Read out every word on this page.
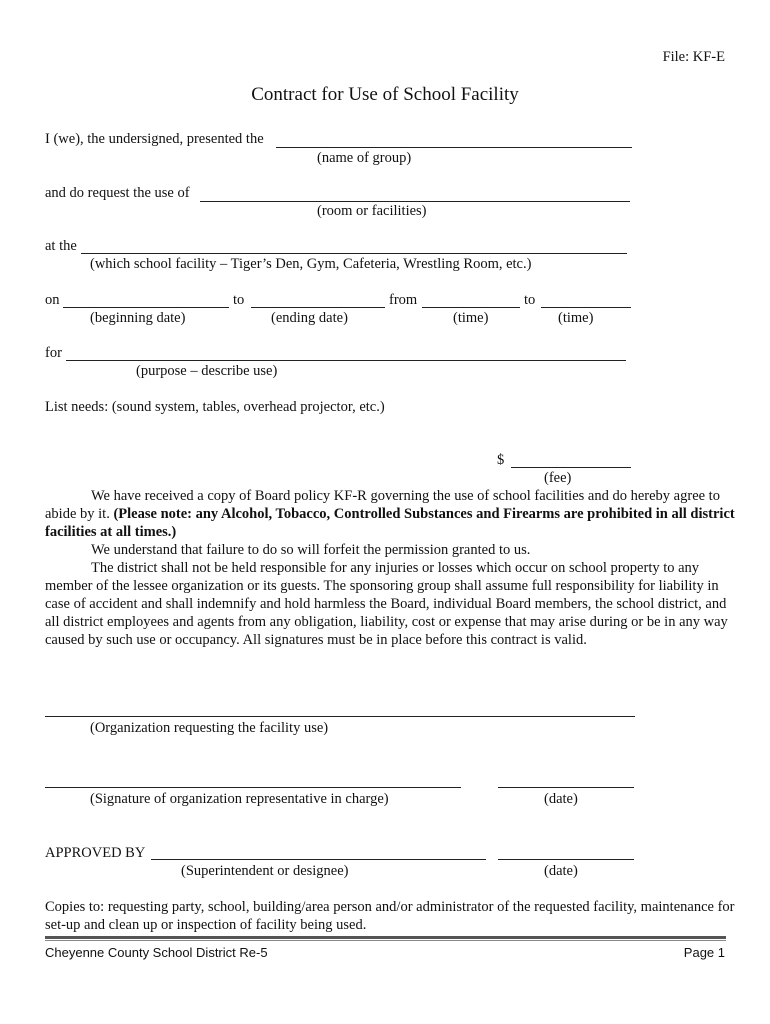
File: KF-E
Contract for Use of School Facility
I (we), the undersigned, presented the
(name of group)
and do request the use of
(room or facilities)
at the
(which school facility – Tiger’s Den, Gym, Cafeteria, Wrestling Room, etc.)
on	to	from	to
(beginning date)	(ending date)	(time)	(time)
for
(purpose – describe use)
List needs: (sound system, tables, overhead projector, etc.)
$
(fee)

We have received a copy of Board policy KF-R governing the use of school facilities and do hereby agree to abide by it. (Please note: any Alcohol, Tobacco, Controlled Substances and Firearms are prohibited in all district facilities at all times.)

We understand that failure to do so will forfeit the permission granted to us.

The district shall not be held responsible for any injuries or losses which occur on school property to any member of the lessee organization or its guests. The sponsoring group shall assume full responsibility for liability in case of accident and shall indemnify and hold harmless the Board, individual Board members, the school district, and all district employees and agents from any obligation, liability, cost or expense that may arise during or be in any way caused by such use or occupancy. All signatures must be in place before this contract is valid.

(Organization requesting the facility use)
(Signature of organization representative in charge)	(date)
APPROVED BY
(Superintendent or designee)	(date)
Copies to: requesting party, school, building/area person and/or administrator of the requested facility, maintenance for set-up and clean up or inspection of facility being used.
Cheyenne County School District Re-5	Page 1
